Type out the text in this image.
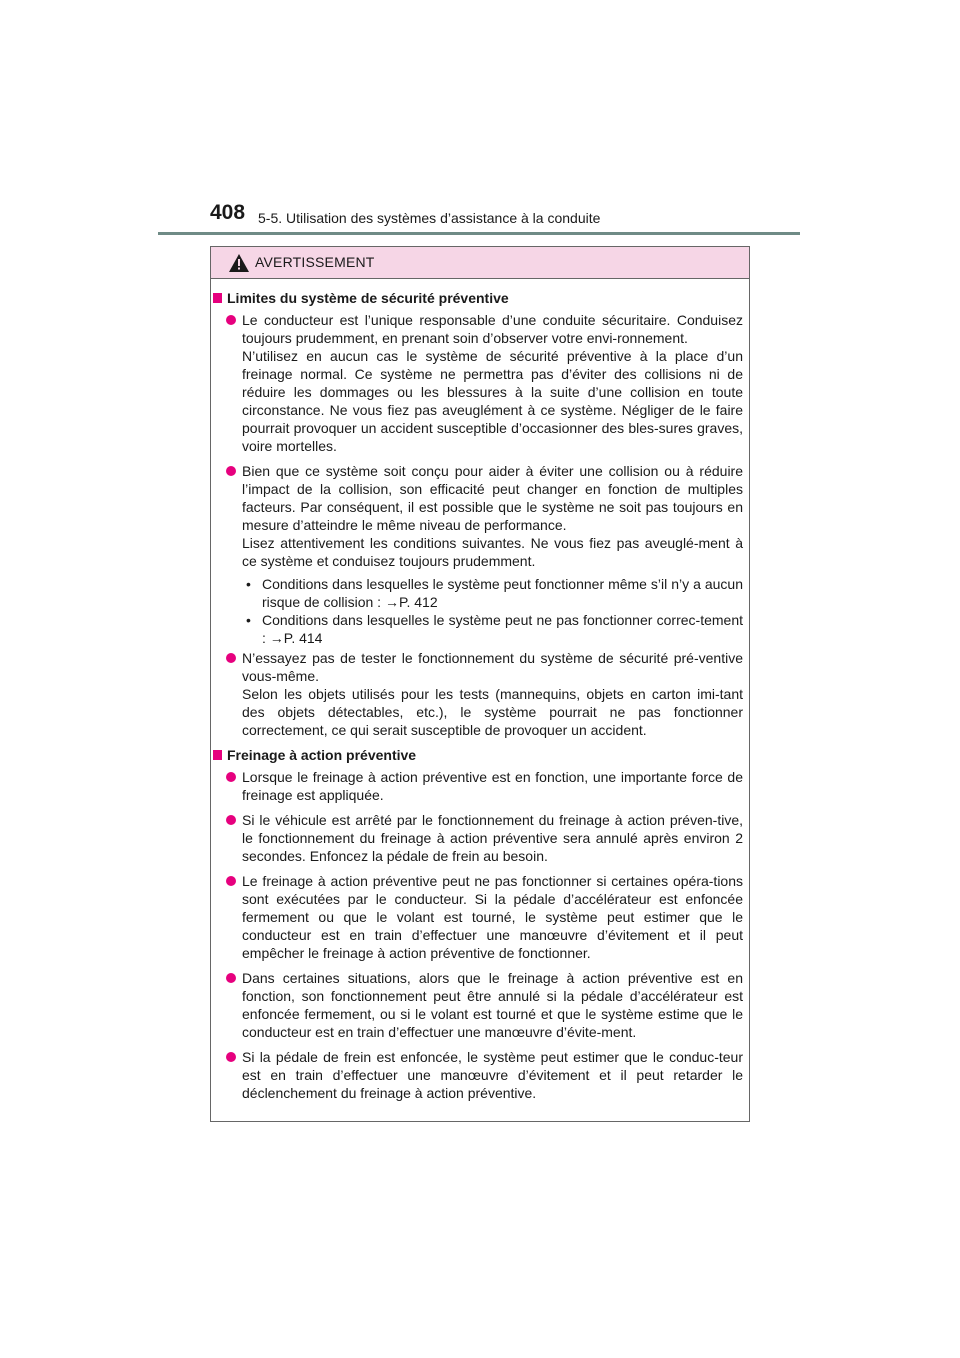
408 5-5. Utilisation des systèmes d’assistance à la conduite
AVERTISSEMENT
Limites du système de sécurité préventive

Le conducteur est l’unique responsable d’une conduite sécuritaire. Conduisez toujours prudemment, en prenant soin d’observer votre envi-ronnement.

N’utilisez en aucun cas le système de sécurité préventive à la place d’un freinage normal. Ce système ne permettra pas d’éviter des collisions ni de réduire les dommages ou les blessures à la suite d’une collision en toute circonstance. Ne vous fiez pas aveuglément à ce système. Négliger de le faire pourrait provoquer un accident susceptible d’occasionner des bles-sures graves, voire mortelles.

Bien que ce système soit conçu pour aider à éviter une collision ou à réduire l’impact de la collision, son efficacité peut changer en fonction de multiples facteurs. Par conséquent, il est possible que le système ne soit pas toujours en mesure d’atteindre le même niveau de performance.

Lisez attentivement les conditions suivantes. Ne vous fiez pas aveuglé-ment à ce système et conduisez toujours prudemment.

• Conditions dans lesquelles le système peut fonctionner même s’il n’y a aucun risque de collision : →P. 412
• Conditions dans lesquelles le système peut ne pas fonctionner correc-tement : →P. 414

N’essayez pas de tester le fonctionnement du système de sécurité pré-ventive vous-même.

Selon les objets utilisés pour les tests (mannequins, objets en carton imi-tant des objets détectables, etc.), le système pourrait ne pas fonctionner correctement, ce qui serait susceptible de provoquer un accident.

Freinage à action préventive

Lorsque le freinage à action préventive est en fonction, une importante force de freinage est appliquée.

Si le véhicule est arrêté par le fonctionnement du freinage à action préven-tive, le fonctionnement du freinage à action préventive sera annulé après environ 2 secondes. Enfoncez la pédale de frein au besoin.

Le freinage à action préventive peut ne pas fonctionner si certaines opéra-tions sont exécutées par le conducteur. Si la pédale d’accélérateur est enfoncée fermement ou que le volant est tourné, le système peut estimer que le conducteur est en train d’effectuer une manœuvre d’évitement et il peut empêcher le freinage à action préventive de fonctionner.

Dans certaines situations, alors que le freinage à action préventive est en fonction, son fonctionnement peut être annulé si la pédale d’accélérateur est enfoncée fermement, ou si le volant est tourné et que le système estime que le conducteur est en train d’effectuer une manœuvre d’évite-ment.

Si la pédale de frein est enfoncée, le système peut estimer que le conduc-teur est en train d’effectuer une manœuvre d’évitement et il peut retarder le déclenchement du freinage à action préventive.
